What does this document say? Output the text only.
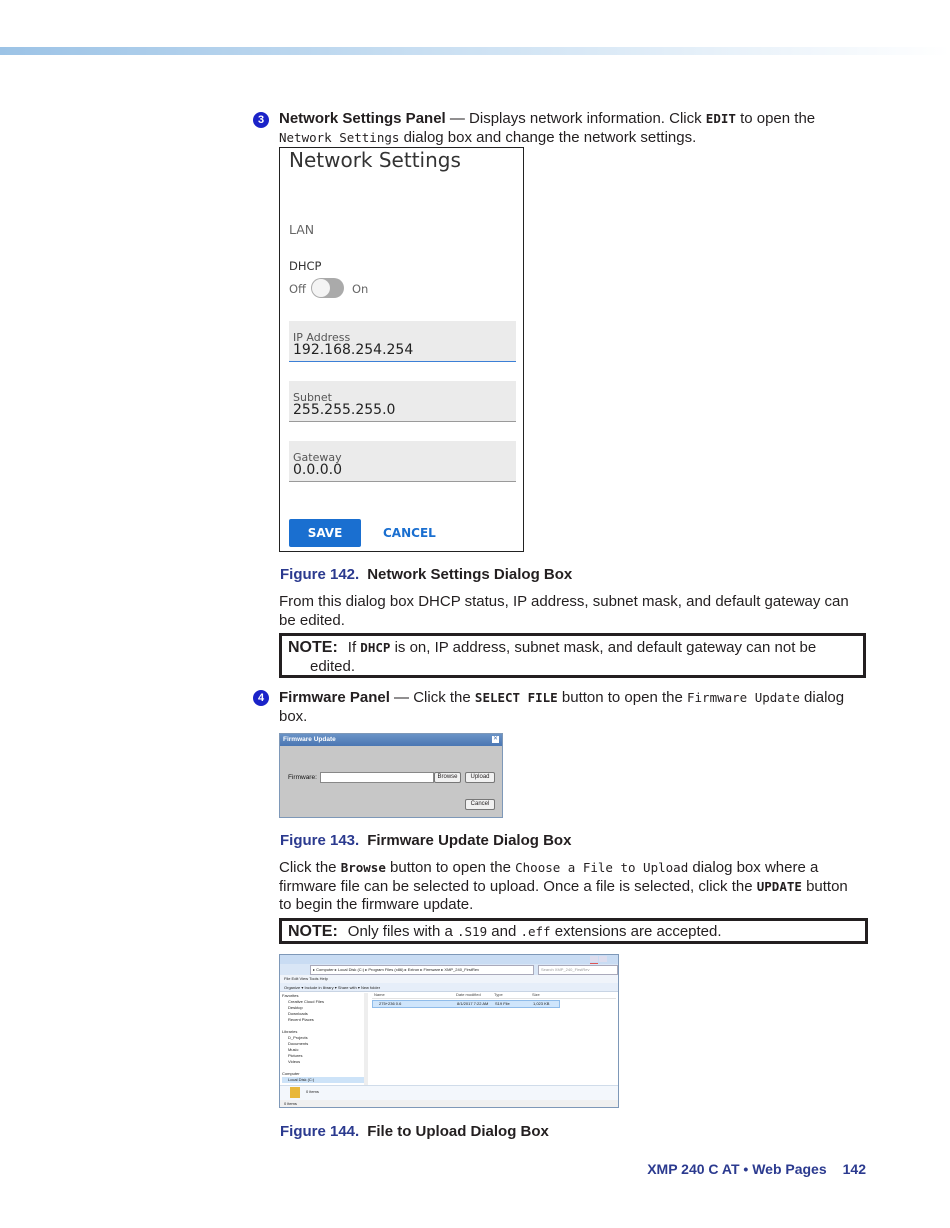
3 Network Settings Panel — Displays network information. Click EDIT to open the
Network Settings dialog box and change the network settings.
Network Settings
LAN
DHCP
Off	On
IP Address
192.168.254.254
Subnet
255.255.255.0
Gateway
0.0.0.0
SAVE	CANCEL
Figure 142. Network Settings Dialog Box
From this dialog box DHCP status, IP address, subnet mask, and default gateway can be edited.
NOTE: If DHCP is on, IP address, subnet mask, and default gateway can not be
edited.
4 Firmware Panel — Click the SELECT FILE button to open the Firmware Update dialog box.
Firmware Update	✕
Firmware:	Browse	Upload
Cancel
Figure 143. Firmware Update Dialog Box
Click the Browse button to open the Choose a File to Upload dialog box where a firmware file can be selected to upload. Once a file is selected, click the UPDATE button to begin the firmware update.
NOTE: Only files with a .S19 and .eff extensions are accepted.
▸ Computer ▸ Local Disk (C:) ▸ Program Files (x86) ▸ Extron ▸ Firmware ▸ XMP_240_FirstRev	Search XMP_240_FirstRev
File Edit View Tools Help
Organize ▾ Include in library ▾ Share with ▾ New folder
Favorites
Creative Cloud Files
Desktop
Downloads
Recent Places
Libraries
D_Projects
Documents
Music
Pictures
Videos
Computer
Local Disk (C:)
Name	Date modified	Type	Size
275+236 0.6	8/1/2017 7:22 AM S19 File	1,023 KB
0 items
0 items
Figure 144. File to Upload Dialog Box
XMP 240 C AT • Web Pages 142
